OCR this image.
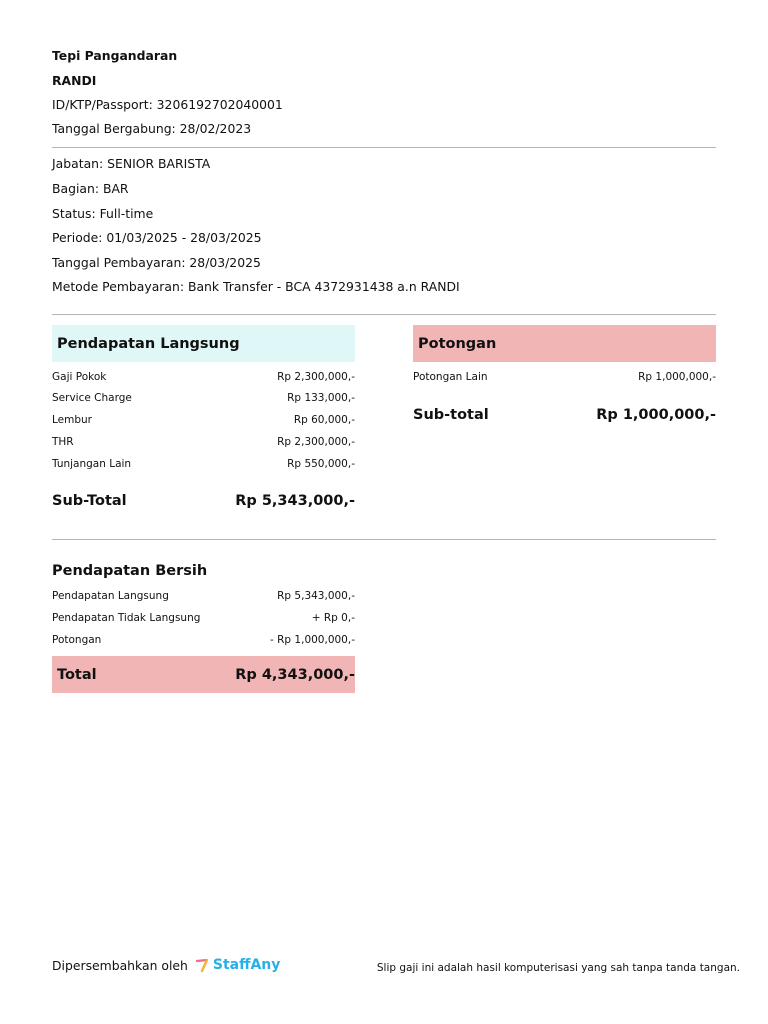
Tepi Pangandaran
RANDI
ID/KTP/Passport: 3206192702040001
Tanggal Bergabung: 28/02/2023
Jabatan: SENIOR BARISTA
Bagian: BAR
Status: Full-time
Periode: 01/03/2025 - 28/03/2025
Tanggal Pembayaran: 28/03/2025
Metode Pembayaran: Bank Transfer - BCA 4372931438 a.n RANDI
Pendapatan Langsung
Gaji Pokok	Rp 2,300,000,-
Service Charge	Rp 133,000,-
Lembur	Rp 60,000,-
THR	Rp 2,300,000,-
Tunjangan Lain	Rp 550,000,-
Sub-Total	Rp 5,343,000,-
Potongan
Potongan Lain	Rp 1,000,000,-
Sub-total	Rp 1,000,000,-
Pendapatan Bersih
Pendapatan Langsung	Rp 5,343,000,-
Pendapatan Tidak Langsung	+ Rp 0,-
Potongan	- Rp 1,000,000,-
Total	Rp 4,343,000,-
Dipersembahkan oleh StaffAny	Slip gaji ini adalah hasil komputerisasi yang sah tanpa tanda tangan.
